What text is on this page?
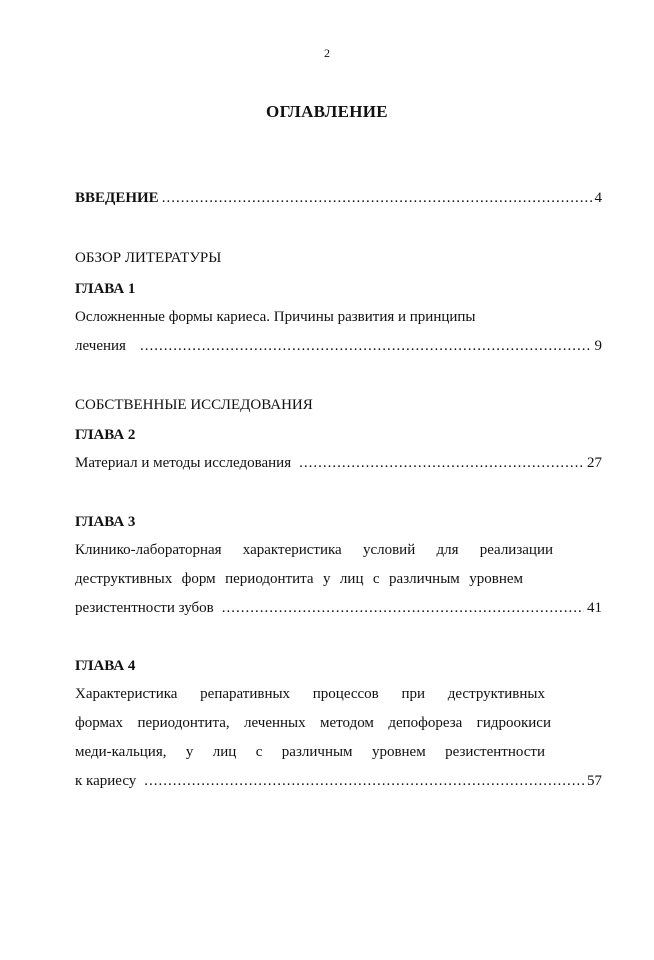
2
ОГЛАВЛЕНИЕ
ВВЕДЕНИЕ .....	4
ОБЗОР ЛИТЕРАТУРЫ
ГЛАВА 1
Осложненные формы кариеса. Причины развития и принципы
лечения .....	9
СОБСТВЕННЫЕ ИССЛЕДОВАНИЯ
ГЛАВА 2
Материал и методы исследования .....	27
ГЛАВА 3
Клинико-лабораторная характеристика условий для реализации
деструктивных форм периодонтита у лиц с различным уровнем
резистентности зубов .....	41
ГЛАВА 4
Характеристика репаративных процессов при деструктивных
формах периодонтита, леченных методом депофореза гидроокиси
меди-кальция, у лиц с различным уровнем резистентности
к кариесу .....	57
